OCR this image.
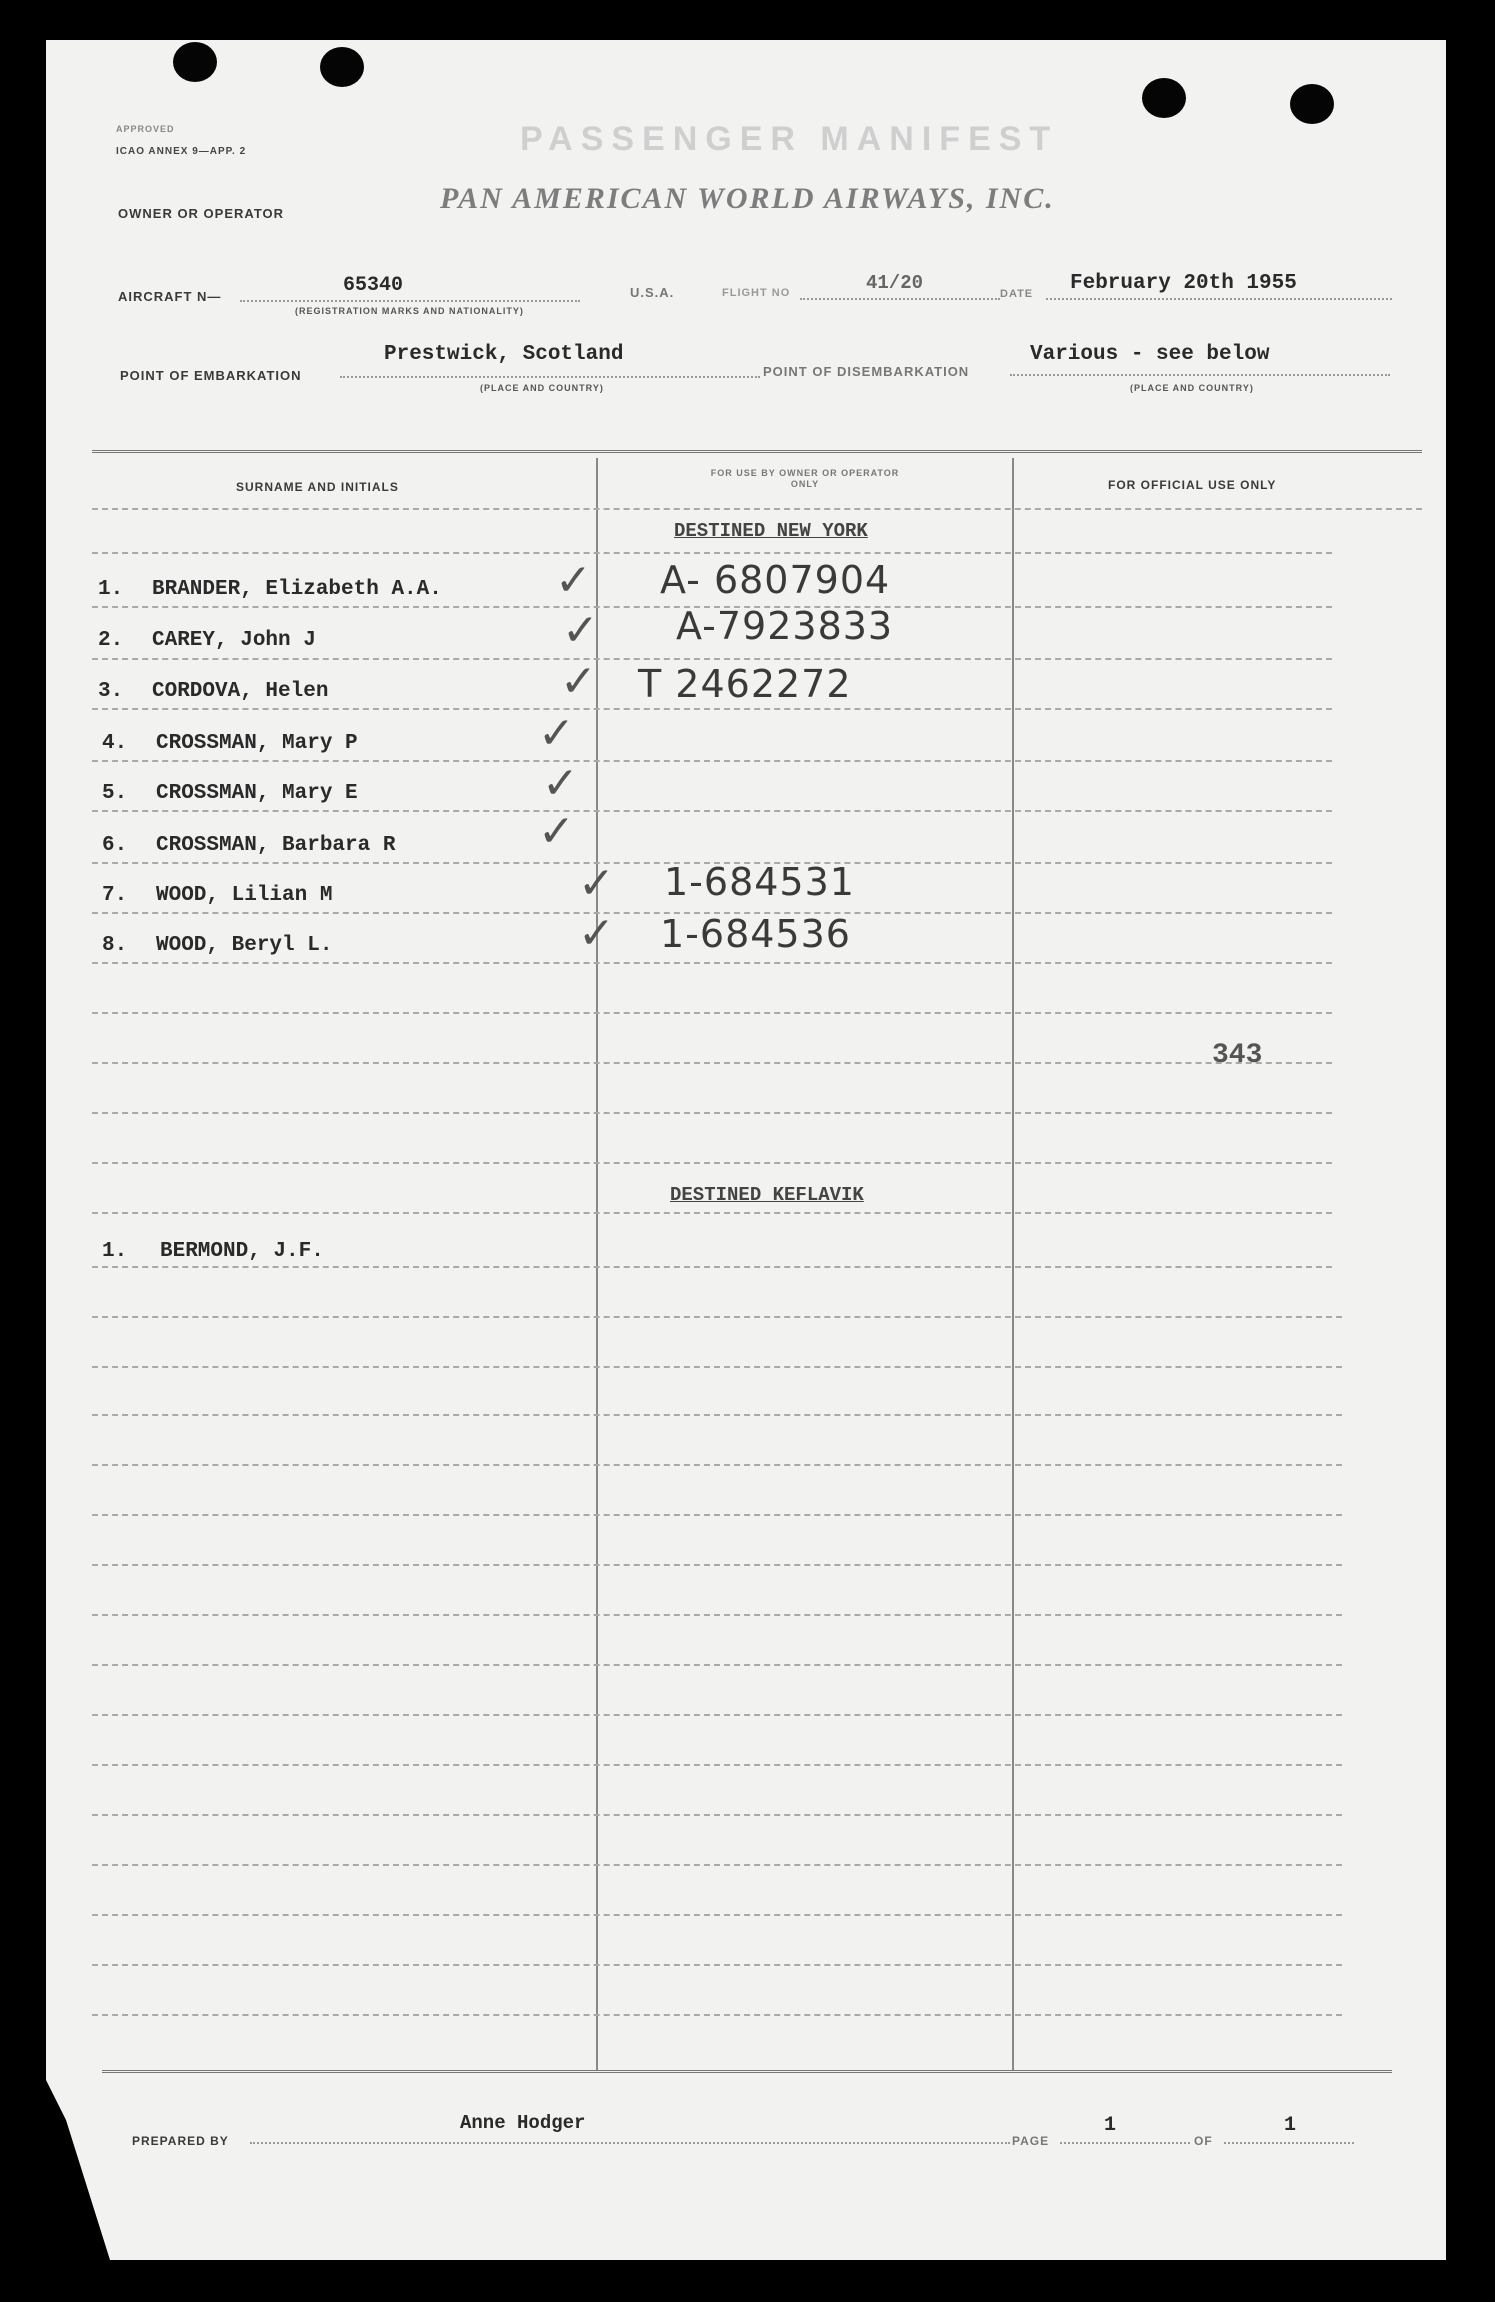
APPROVED
ICAO ANNEX 9—APP. 2	PASSENGER MANIFEST
OWNER OR OPERATOR	PAN AMERICAN WORLD AIRWAYS, INC.
AIRCRAFT N—	65340
(REGISTRATION MARKS AND NATIONALITY)
U.S.A.	FLIGHT NO	41/20	DATE February 20th 1955
POINT OF EMBARKATION
Prestwick, Scotland
(PLACE AND COUNTRY)
POINT OF DISEMBARKATION
Various - see below
(PLACE AND COUNTRY)
SURNAME AND INITIALS
FOR USE BY OWNER OR OPERATOR ONLY	FOR OFFICIAL USE ONLY
DESTINED NEW YORK
1. BRANDER, Elizabeth A.A.	✓ A- 6807904
2. CAREY, John J	✓ A-7923833
3. CORDOVA, Helen	✓ T 2462272
4. CROSSMAN, Mary P	✓
5. CROSSMAN, Mary E	✓
6. CROSSMAN, Barbara R	✓
7. WOOD, Lilian M	✓ 1-684531
8. WOOD, Beryl L.	✓ 1-684536
343
DESTINED KEFLAVIK
1. BERMOND, J.F.
PREPARED BY
Anne Hodger
PAGE
1
OF
1
